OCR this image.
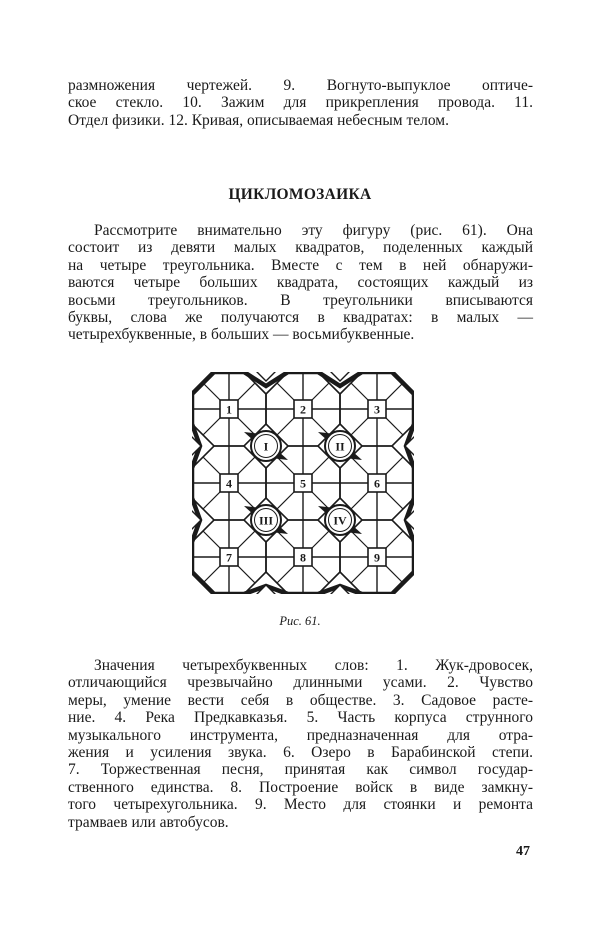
размножения чертежей. 9. Вогнуто-выпуклое оптиче-
ское стекло. 10. Зажим для прикрепления провода. 11.
Отдел физики. 12. Кривая, описываемая небесным телом.
ЦИКЛОМОЗАИКА
Рассмотрите внимательно эту фигуру (рис. 61). Она
состоит из девяти малых квадратов, поделенных каждый
на четыре треугольника. Вместе с тем в ней обнаружи-
ваются четыре больших квадрата, состоящих каждый из
восьми треугольников. В треугольники вписываются
буквы, слова же получаются в квадратах: в малых —
четырехбуквенные, в больших — восьмибуквенные.
1	2	3
4	5	6
7	8	9
I	II
III	IV

Рис. 61.

Значения четырехбуквенных слов: 1. Жук-дровосек,
отличающийся чрезвычайно длинными усами. 2. Чувство
меры, умение вести себя в обществе. 3. Садовое расте-
ние. 4. Река Предкавказья. 5. Часть корпуса струнного
музыкального инструмента, предназначенная для отра-
жения и усиления звука. 6. Озеро в Барабинской степи.
7. Торжественная песня, принятая как символ государ-
ственного единства. 8. Построение войск в виде замкну-
того четырехугольника. 9. Место для стоянки и ремонта
трамваев или автобусов.

47
